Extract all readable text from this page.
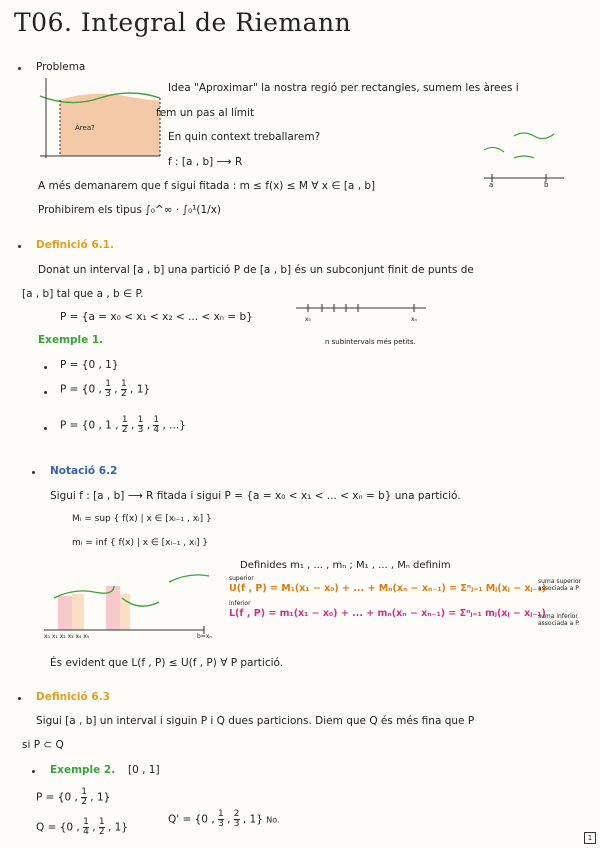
T06. Integral de Riemann
Problema
Àrea?
Idea "Aproximar" la nostra regió per rectangles, sumem les àrees i
fem un pas al límit
En quin context treballarem?
f : [a , b] ⟶ R
a	b
A més demanarem que f sigui fitada : m ≤ f(x) ≤ M ∀ x ∈ [a , b]
Prohibirem els tipus ∫₀^∞ · ∫₀¹(1/x)
Definició 6.1.
Donat un interval [a , b] una partició P de [a , b] és un subconjunt finit de punts de
[a , b] tal que a , b ∈ P.
P = {a = x₀ < x₁ < x₂ < ... < xₙ = b}	x₀	xₙ
n subintervals més petits.
Exemple 1.
P = {0 , 1}
P = {0 , $\frac{1}{3}$ , $\frac{1}{2}$ , 1}
P = {0 , 1 , $\frac{1}{2}$ , $\frac{1}{3}$ , $\frac{1}{4}$ , ...}
Notació 6.2
Sigui f : [a , b] ⟶ R fitada i sigui P = {a = x₀ < x₁ < ... < xₙ = b} una partició.
Mᵢ = sup { f(x) | x ∈ [xᵢ₋₁ , xᵢ] }
mᵢ = inf { f(x) | x ∈ [xᵢ₋₁ , xᵢ] }
Definides m₁ , ... , mₙ ; M₁ , ... , Mₙ definim
superior
U(f , P) = M₁(x₁ − x₀) + ... + Mₙ(xₙ − xₙ₋₁) = Σⁿⱼ₌₁ Mⱼ(xⱼ − xⱼ₋₁)
inferior
L(f , P) = m₁(x₁ − x₀) + ... + mₙ(xₙ − xₙ₋₁) = Σⁿⱼ₌₁ mⱼ(xⱼ − xⱼ₋₁)
suma superior associada a P
suma inferior associada a P.
x₀ x₁ x₂ x₃ x₄ x₅	b=xₙ
És evident que L(f , P) ≤ U(f , P) ∀ P partició.
Definició 6.3
Sigui [a , b] un interval i siguin P i Q dues particions. Diem que Q és més fina que P
si P ⊂ Q
Exemple 2. [0 , 1]
P = {0 , $\frac{1}{2}$ , 1}
Q = {0 , $\frac{1}{4}$ , $\frac{1}{2}$ , 1}
Q' = {0 , $\frac{1}{3}$ , $\frac{2}{3}$ , 1} No.
1
